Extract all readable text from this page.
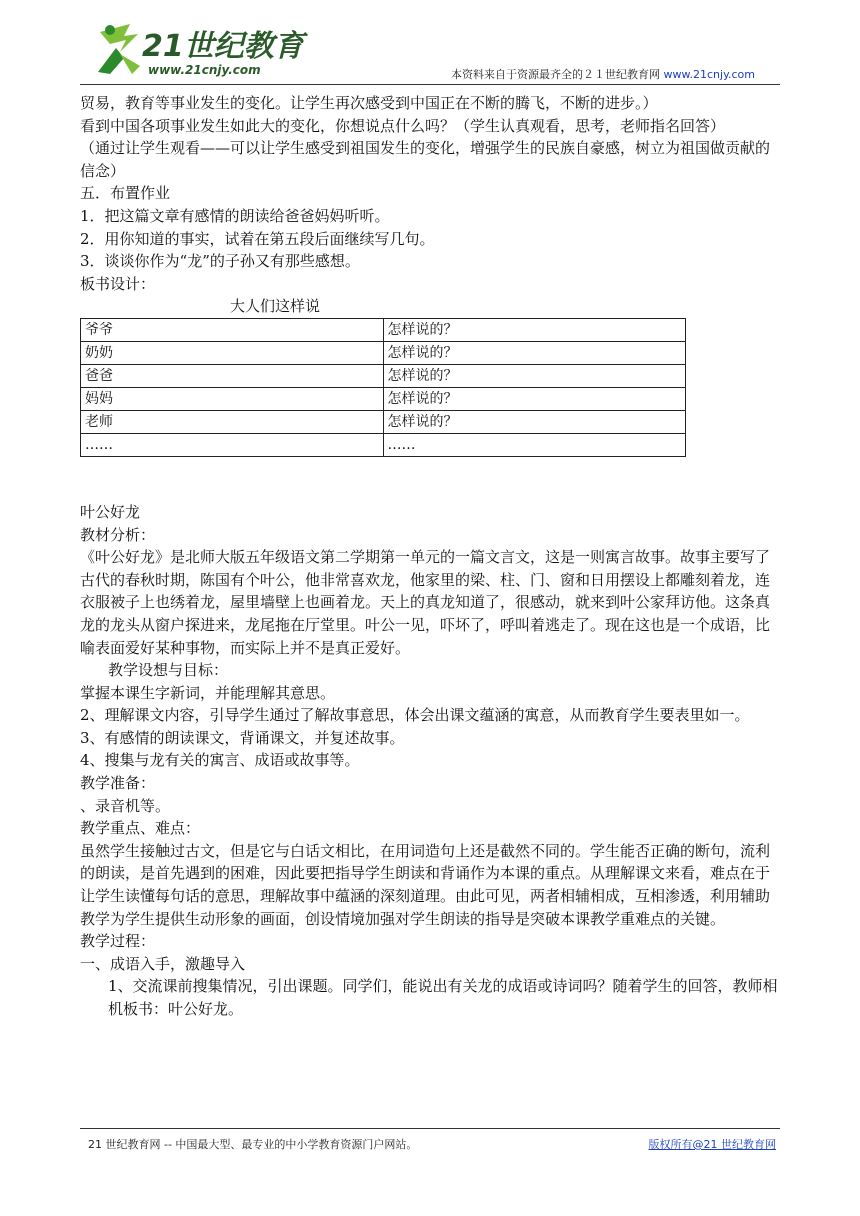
21世纪教育
www.21cnjy.com	本资料来自于资源最齐全的２１世纪教育网 www.21cnjy.com

贸易，教育等事业发生的变化。让学生再次感受到中国正在不断的腾飞，不断的进步。）

看到中国各项事业发生如此大的变化，你想说点什么吗？（学生认真观看，思考，老师指名回答）

（通过让学生观看——可以让学生感受到祖国发生的变化，增强学生的民族自豪感，树立为祖国做贡献的信念）

五．布置作业

1．把这篇文章有感情的朗读给爸爸妈妈听听。

2．用你知道的事实，试着在第五段后面继续写几句。

3．谈谈你作为“龙”的子孙又有那些感想。

板书设计：

大人们这样说

爷爷	怎样说的？
奶奶	怎样说的？
爸爸	怎样说的？
妈妈	怎样说的？
老师	怎样说的？
……	……

叶公好龙

教材分析：

《叶公好龙》是北师大版五年级语文第二学期第一单元的一篇文言文，这是一则寓言故事。故事主要写了古代的春秋时期，陈国有个叶公，他非常喜欢龙，他家里的梁、柱、门、窗和日用摆设上都雕刻着龙，连衣服被子上也绣着龙，屋里墙壁上也画着龙。天上的真龙知道了，很感动，就来到叶公家拜访他。这条真龙的龙头从窗户探进来，龙尾拖在厅堂里。叶公一见，吓坏了，呼叫着逃走了。现在这也是一个成语，比喻表面爱好某种事物，而实际上并不是真正爱好。

教学设想与目标：

掌握本课生字新词，并能理解其意思。

2、理解课文内容，引导学生通过了解故事意思，体会出课文蕴涵的寓意，从而教育学生要表里如一。

3、有感情的朗读课文，背诵课文，并复述故事。

4、搜集与龙有关的寓言、成语或故事等。

教学准备：

、录音机等。

教学重点、难点：

虽然学生接触过古文，但是它与白话文相比，在用词造句上还是截然不同的。学生能否正确的断句，流利的朗读，是首先遇到的困难，因此要把指导学生朗读和背诵作为本课的重点。从理解课文来看，难点在于让学生读懂每句话的意思，理解故事中蕴涵的深刻道理。由此可见，两者相辅相成，互相渗透，利用辅助教学为学生提供生动形象的画面，创设情境加强对学生朗读的指导是突破本课教学重难点的关键。

教学过程：

一、成语入手，激趣导入

1、交流课前搜集情况，引出课题。同学们，能说出有关龙的成语或诗词吗？随着学生的回答，教师相机板书：叶公好龙。

21 世纪教育网 -- 中国最大型、最专业的中小学教育资源门户网站。	版权所有@21 世纪教育网
